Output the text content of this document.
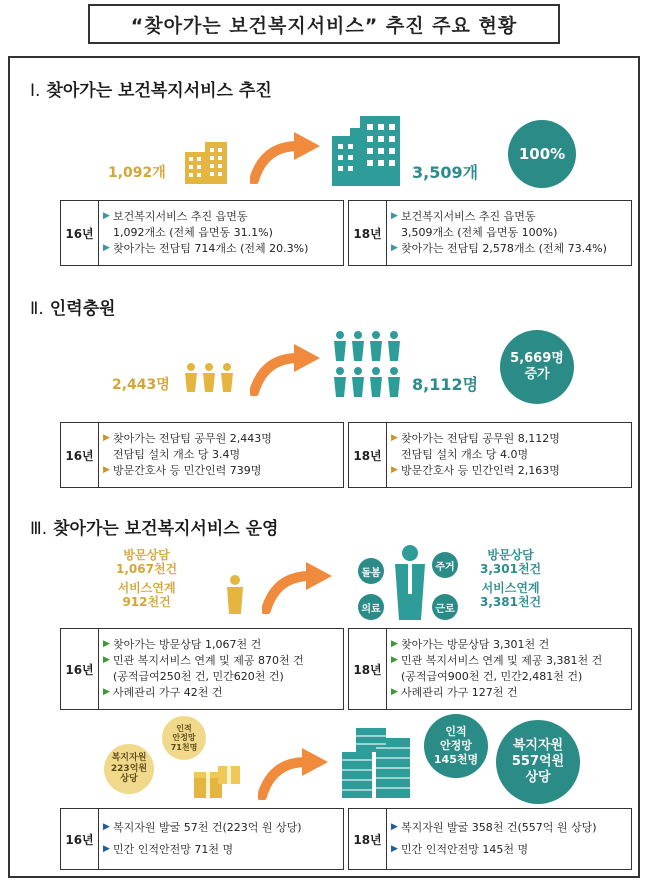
“찾아가는 보건복지서비스” 추진 주요 현황
Ⅰ. 찾아가는 보건복지서비스 추진
1,092개	3,509개
100%
16년
▶ 보건복지서비스 추진 읍면동
1,092개소 (전체 읍면동 31.1%)
▶ 찾아가는 전담팀 714개소 (전체 20.3%)
18년
▶ 보건복지서비스 추진 읍면동
3,509개소 (전체 읍면동 100%)
▶ 찾아가는 전담팀 2,578개소 (전체 73.4%)
Ⅱ. 인력충원
2,443명	8,112명
5,669명
증가
16년
▶ 찾아가는 전담팀 공무원 2,443명
전담팀 설치 개소 당 3.4명
▶ 방문간호사 등 민간인력 739명
18년
▶ 찾아가는 전담팀 공무원 8,112명
전담팀 설치 개소 당 4.0명
▶ 방문간호사 등 민간인력 2,163명
Ⅲ. 찾아가는 보건복지서비스 운영
방문상담
1,067천건
서비스연계
912천건
돌봄
주거
의료	근로
방문상담
3,301천건
서비스연계
3,381천건
16년
▶ 찾아가는 방문상담 1,067천 건
▶ 민관 복지서비스 연계 및 제공 870천 건
(공적급여250천 건, 민간620천 건)
▶ 사례관리 가구 42천 건
18년
▶ 찾아가는 방문상담 3,301천 건
▶ 민관 복지서비스 연계 및 제공 3,381천 건
(공적급여900천 건, 민간2,481천 건)
▶ 사례관리 가구 127천 건
복지자원
223억원
상당
인적
안정망
71천명
인적
안정망
145천명
복지자원
557억원
상당
16년
▶ 복지자원 발굴 57천 건(223억 원 상당)
▶ 민간 인적안전망 71천 명
18년
▶ 복지자원 발굴 358천 건(557억 원 상당)
▶ 민간 인적안전망 145천 명
